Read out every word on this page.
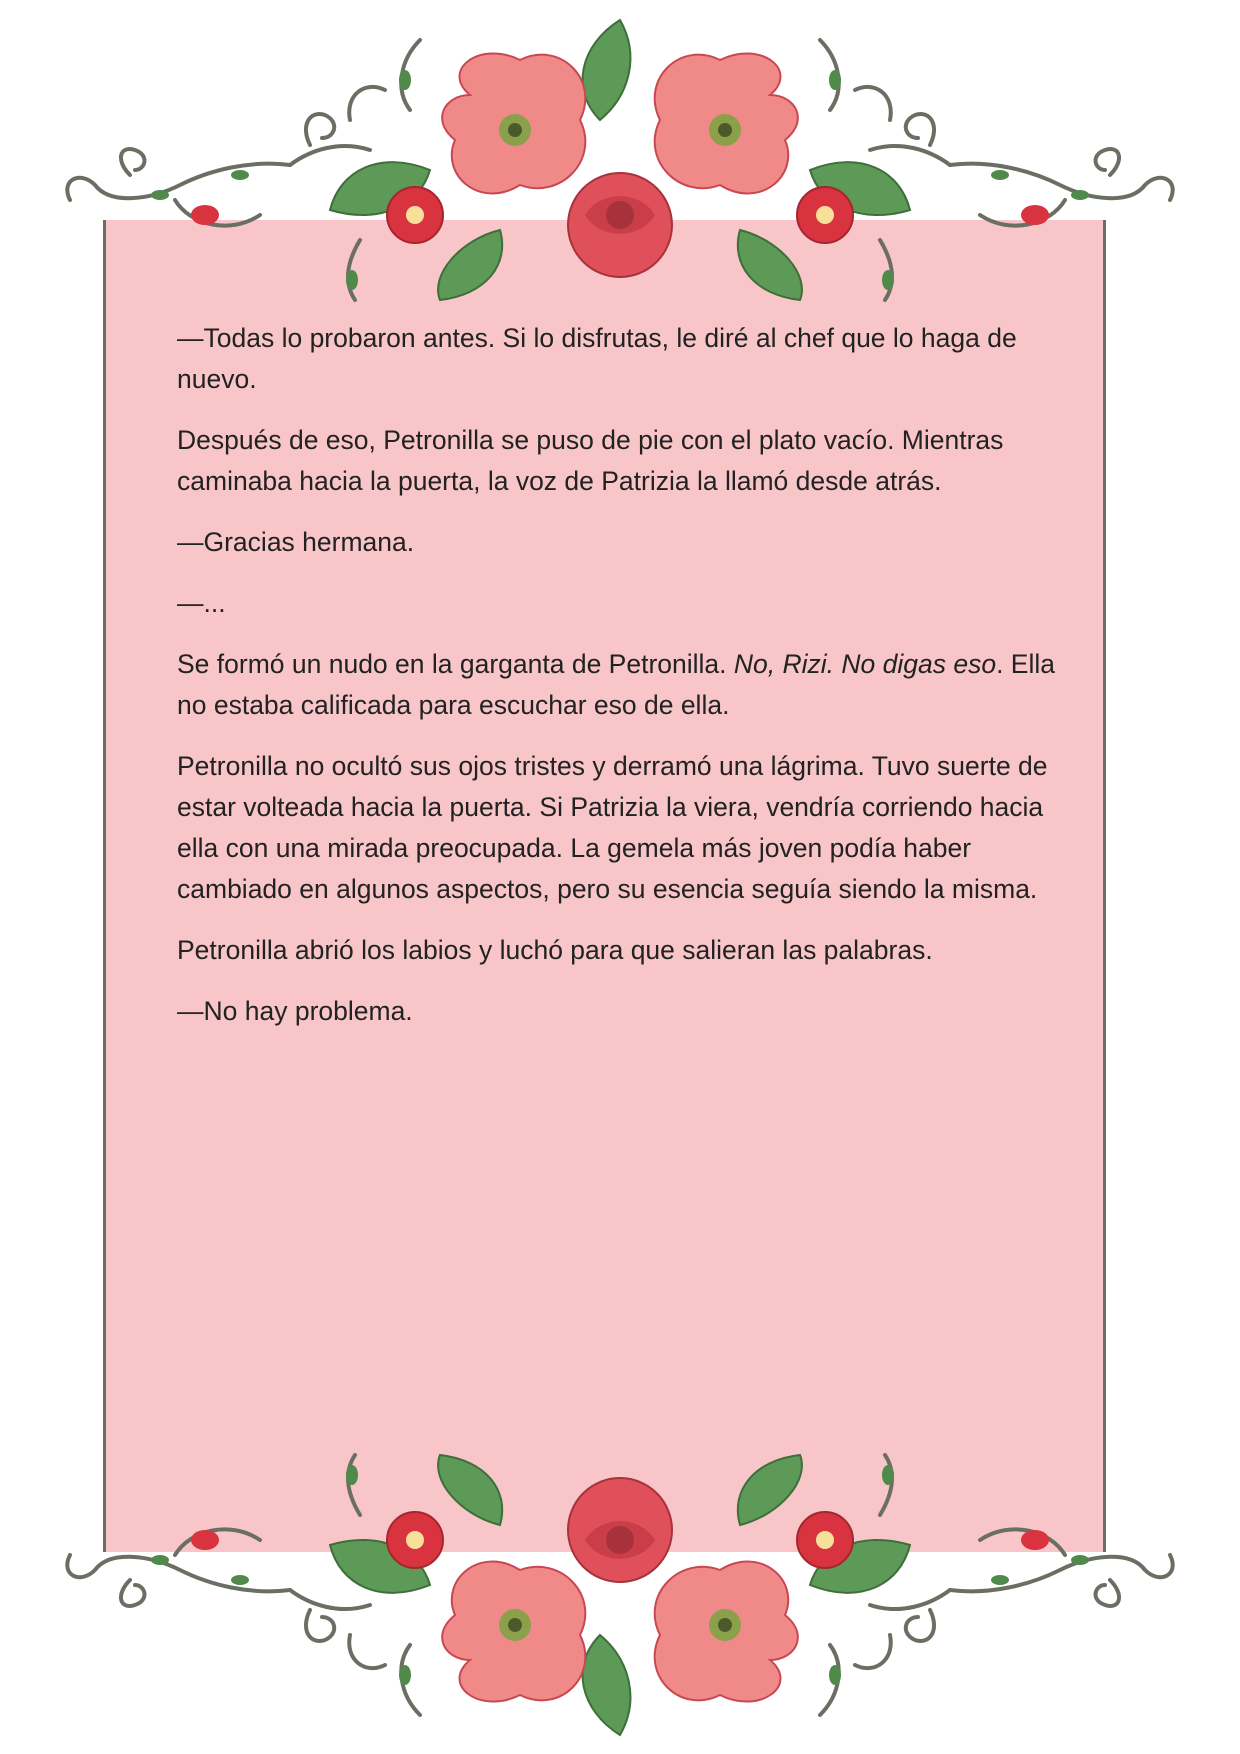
—Todas lo probaron antes. Si lo disfrutas, le diré al chef que lo haga de nuevo.

Después de eso, Petronilla se puso de pie con el plato vacío. Mientras caminaba hacia la puerta, la voz de Patrizia la llamó desde atrás.

—Gracias hermana.

—...

Se formó un nudo en la garganta de Petronilla. No, Rizi. No digas eso. Ella no estaba calificada para escuchar eso de ella.

Petronilla no ocultó sus ojos tristes y derramó una lágrima. Tuvo suerte de estar volteada hacia la puerta. Si Patrizia la viera, vendría corriendo hacia ella con una mirada preocupada. La gemela más joven podía haber cambiado en algunos aspectos, pero su esencia seguía siendo la misma.

Petronilla abrió los labios y luchó para que salieran las palabras.

—No hay problema.
